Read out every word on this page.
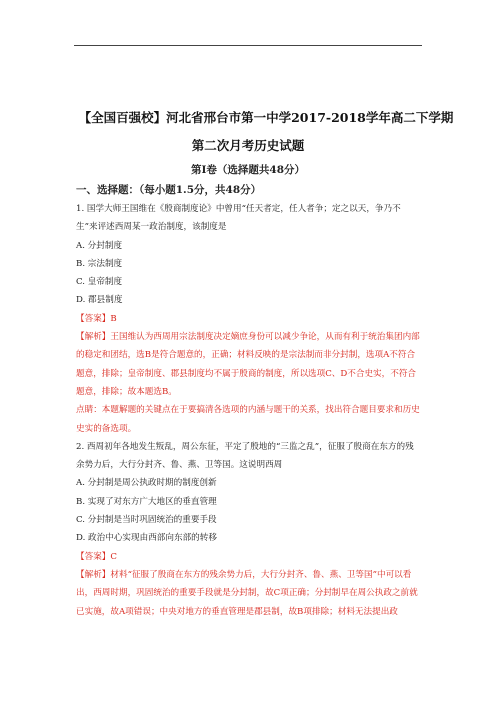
【全国百强校】河北省邢台市第一中学2017-2018学年高二下学期
第二次月考历史试题
第I卷（选择题共48分）
一、选择题：（每小题1.5分，共48分）

1. 国学大师王国维在《殷商制度论》中曾用“任天者定，任人者争；定之以天，争乃不生”来评述西周某一政治制度，该制度是

A. 分封制度
B. 宗法制度
C. 皇帝制度
D. 郡县制度

【答案】B

【解析】王国维认为西周用宗法制度决定嫡庶身份可以减少争论，从而有利于统治集团内部的稳定和团结，选B是符合题意的，正确；材料反映的是宗法制而非分封制，选项A不符合题意，排除；皇帝制度、郡县制度均不属于殷商的制度，所以选项C、D不合史实，不符合题意，排除；故本题选B。

点睛：本题解题的关键点在于要搞清各选项的内涵与题干的关系，找出符合题目要求和历史史实的备选项。

2. 西周初年各地发生叛乱，周公东征，平定了殷地的“三监之乱”，征服了殷商在东方的残余势力后，大行分封齐、鲁、燕、卫等国。这说明西周

A. 分封制是周公执政时期的制度创新
B. 实现了对东方广大地区的垂直管理
C. 分封制是当时巩固统治的重要手段
D. 政治中心实现由西部向东部的转移

【答案】C

【解析】材料“征服了殷商在东方的残余势力后，大行分封齐、鲁、燕、卫等国”中可以看出，西周时期，巩固统治的重要手段就是分封制，故C项正确；分封制早在周公执政之前就已实施，故A项错误；中央对地方的垂直管理是郡县制，故B项排除；材料无法提出政
